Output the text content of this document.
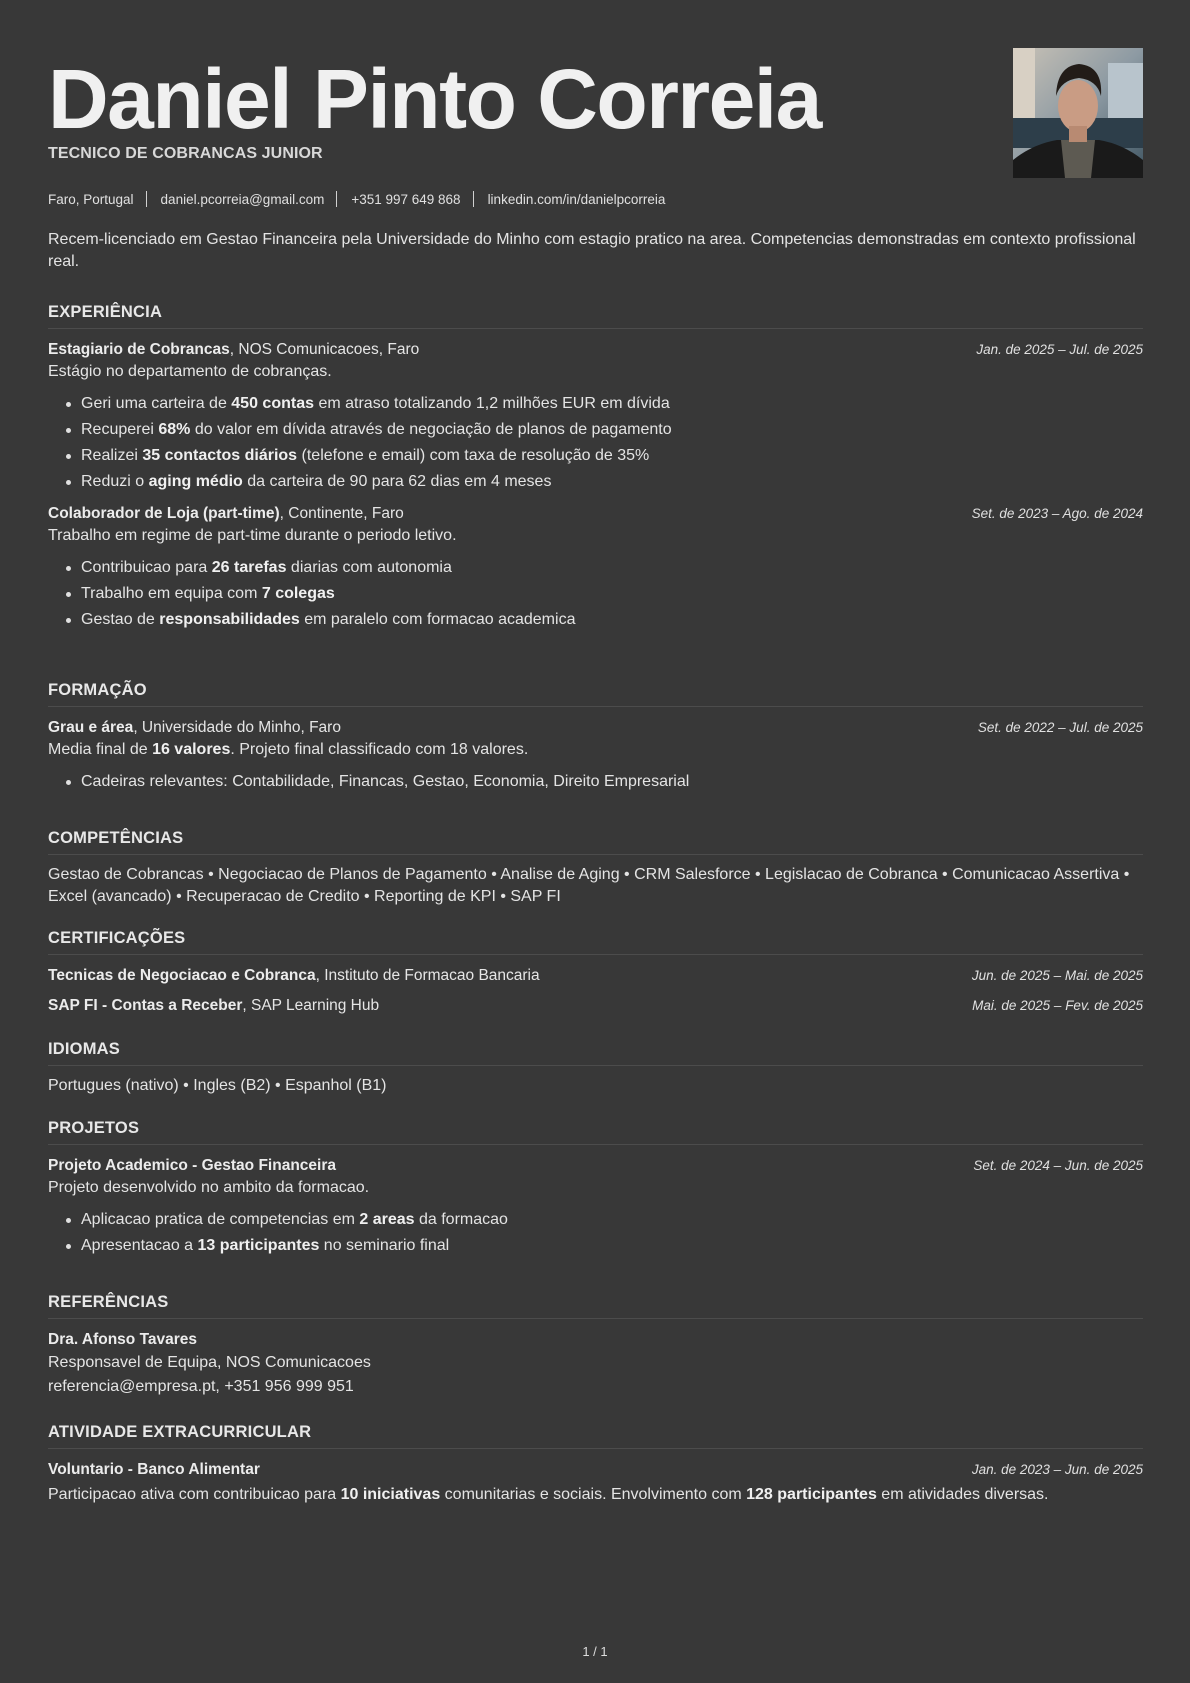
Daniel Pinto Correia
TECNICO DE COBRANCAS JUNIOR
Faro, Portugal daniel.pcorreia@gmail.com +351 997 649 868 linkedin.com/in/danielpcorreia

Recem-licenciado em Gestao Financeira pela Universidade do Minho com estagio pratico na area. Competencias demonstradas em contexto profissional real.

EXPERIÊNCIA
Estagiario de Cobrancas, NOS Comunicacoes, Faro	Jan. de 2025 – Jul. de 2025
Estágio no departamento de cobranças.
Geri uma carteira de 450 contas em atraso totalizando 1,2 milhões EUR em dívida
Recuperei 68% do valor em dívida através de negociação de planos de pagamento
Realizei 35 contactos diários (telefone e email) com taxa de resolução de 35%
Reduzi o aging médio da carteira de 90 para 62 dias em 4 meses
Colaborador de Loja (part-time), Continente, Faro	Set. de 2023 – Ago. de 2024
Trabalho em regime de part-time durante o periodo letivo.
Contribuicao para 26 tarefas diarias com autonomia
Trabalho em equipa com 7 colegas
Gestao de responsabilidades em paralelo com formacao academica
FORMAÇÃO
Grau e área, Universidade do Minho, Faro	Set. de 2022 – Jul. de 2025
Media final de 16 valores. Projeto final classificado com 18 valores.
Cadeiras relevantes: Contabilidade, Financas, Gestao, Economia, Direito Empresarial
COMPETÊNCIAS

Gestao de Cobrancas • Negociacao de Planos de Pagamento • Analise de Aging • CRM Salesforce • Legislacao de Cobranca • Comunicacao Assertiva • Excel (avancado) • Recuperacao de Credito • Reporting de KPI • SAP FI

CERTIFICAÇÕES
Tecnicas de Negociacao e Cobranca, Instituto de Formacao Bancaria	Jun. de 2025 – Mai. de 2025
SAP FI - Contas a Receber, SAP Learning Hub	Mai. de 2025 – Fev. de 2025
IDIOMAS

Portugues (nativo) • Ingles (B2) • Espanhol (B1)

PROJETOS
Projeto Academico - Gestao Financeira	Set. de 2024 – Jun. de 2025
Projeto desenvolvido no ambito da formacao.
Aplicacao pratica de competencias em 2 areas da formacao
Apresentacao a 13 participantes no seminario final
REFERÊNCIAS
Dra. Afonso Tavares
Responsavel de Equipa, NOS Comunicacoes
referencia@empresa.pt, +351 956 999 951
ATIVIDADE EXTRACURRICULAR
Voluntario - Banco Alimentar	Jan. de 2023 – Jun. de 2025
Participacao ativa com contribuicao para 10 iniciativas comunitarias e sociais. Envolvimento com 128 participantes em atividades diversas.
1 / 1
